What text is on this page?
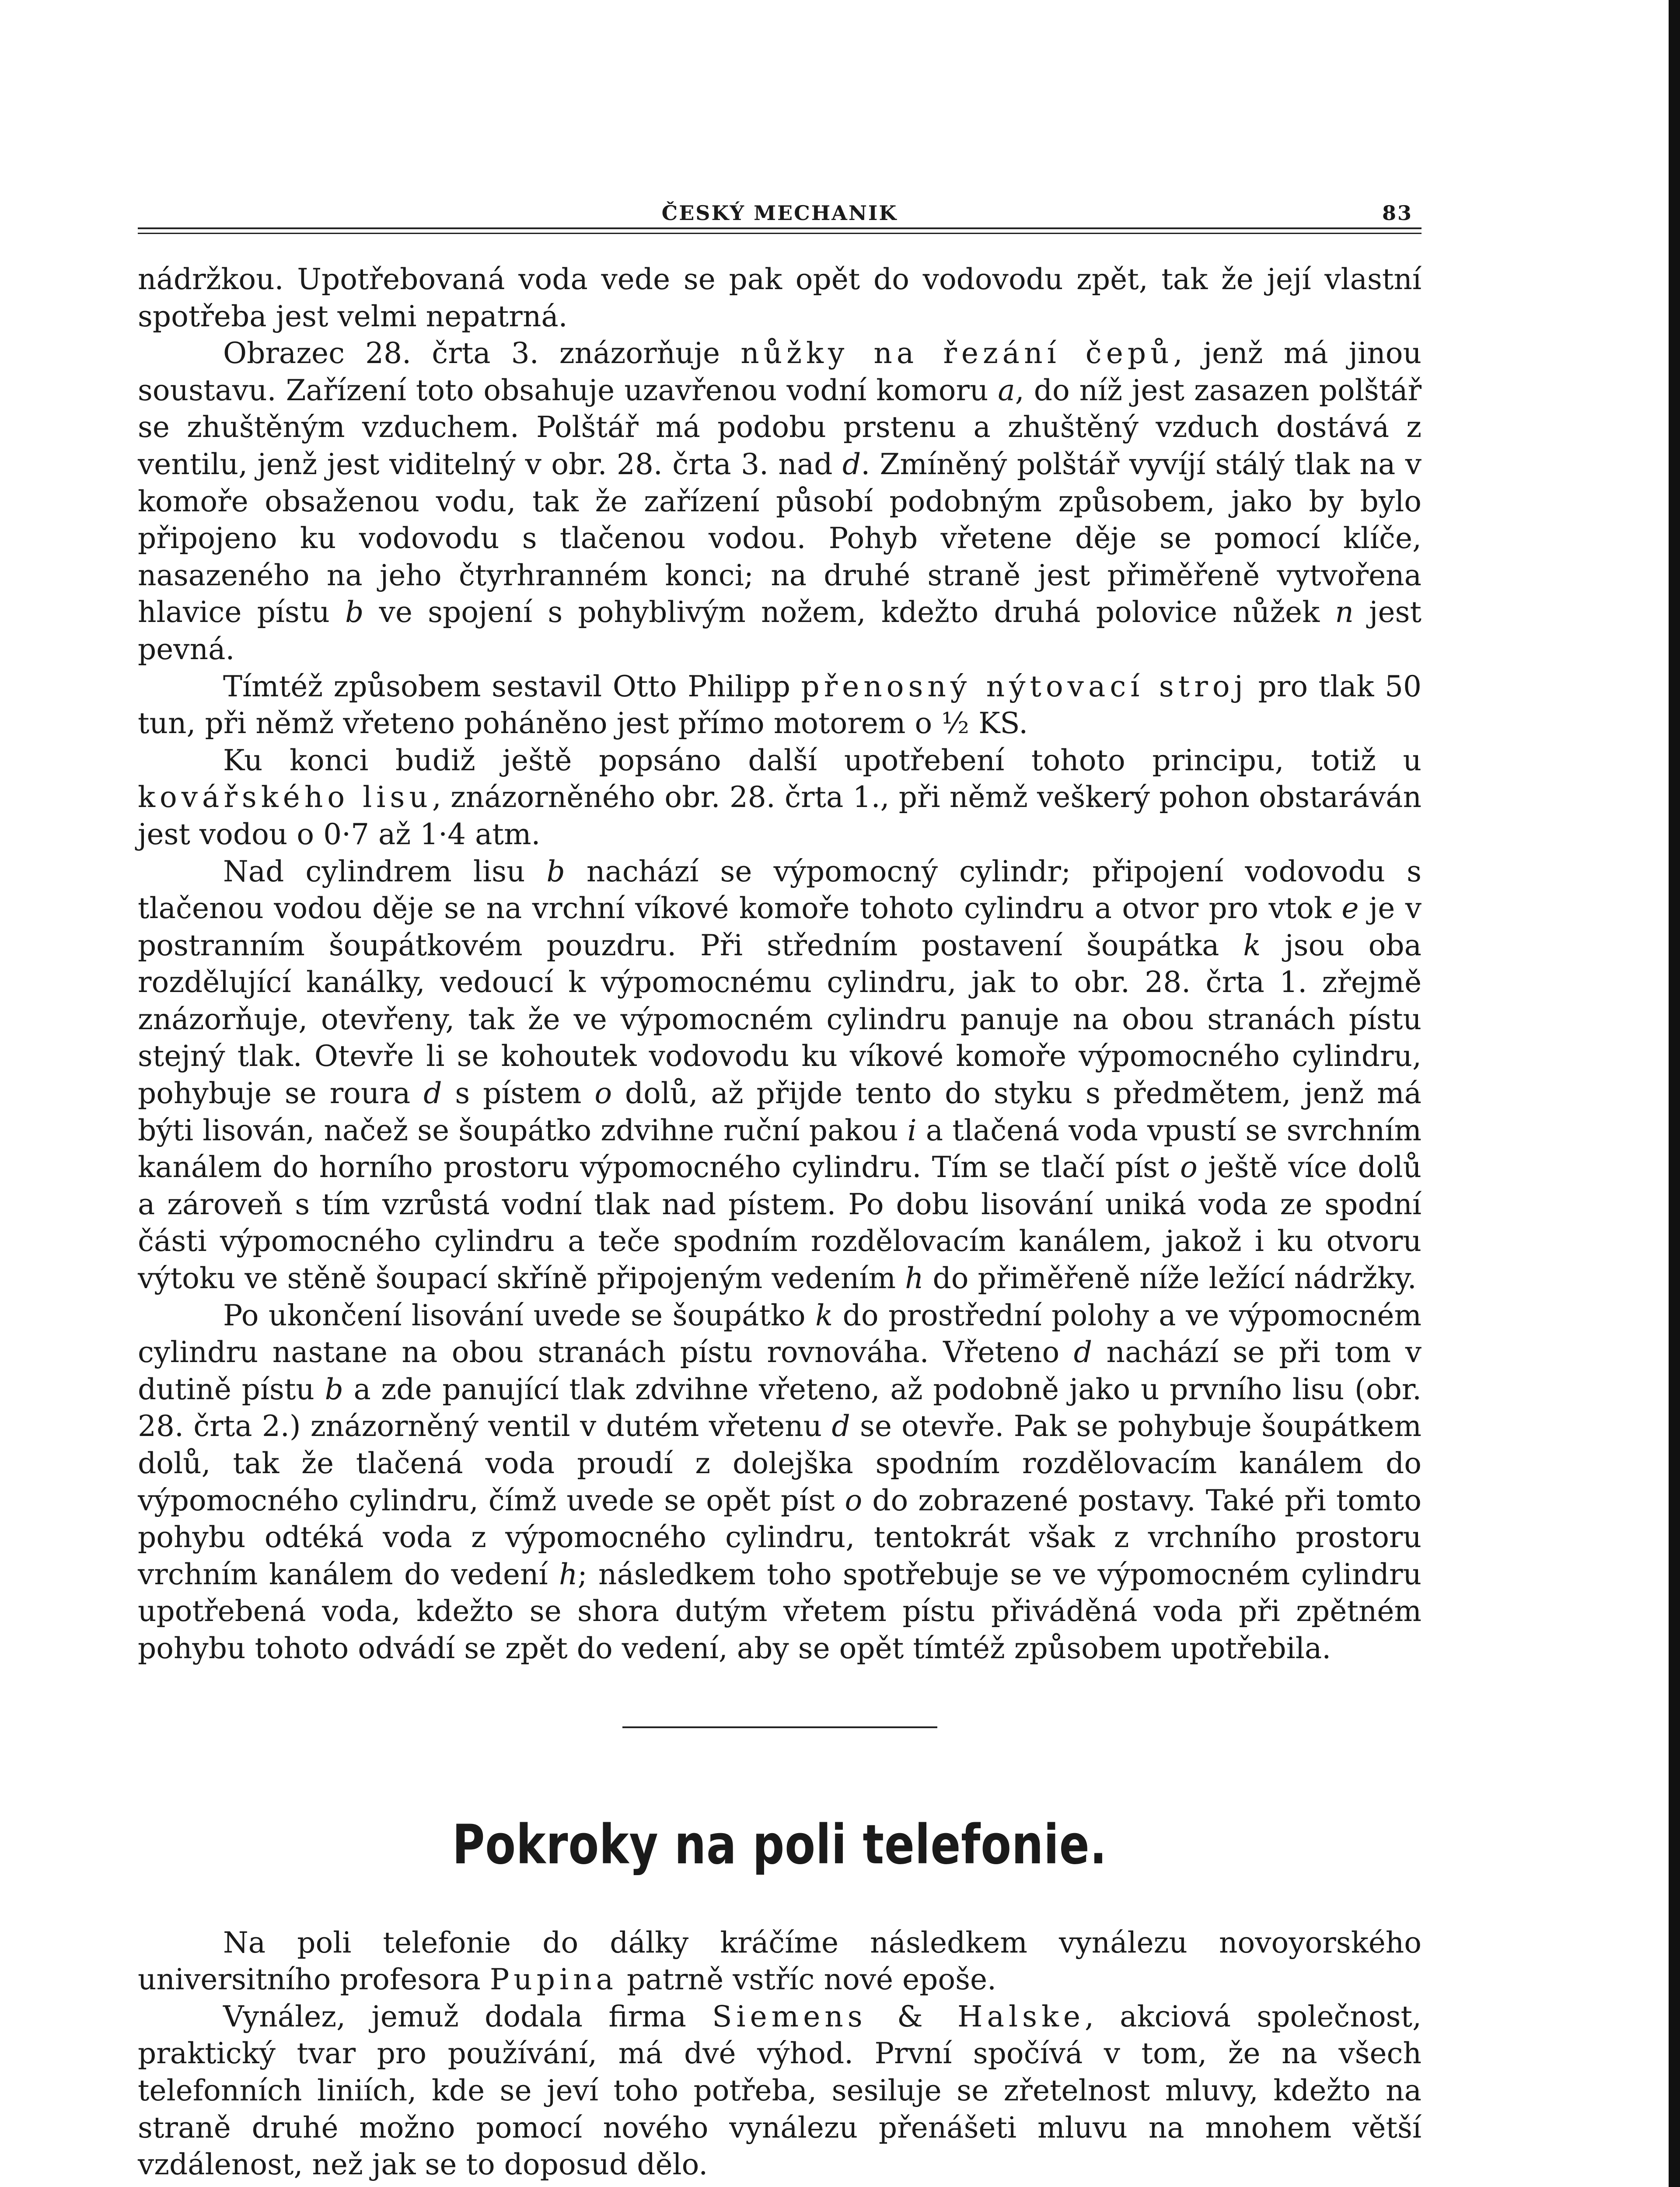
ČESKÝ MECHANIK	83

nádržkou. Upotřebovaná voda vede se pak opět do vodovodu zpět, tak že její vlastní spotřeba jest velmi nepatrná.

Obrazec 28. črta 3. znázorňuje nůžky na řezání čepů, jenž má jinou soustavu. Zařízení toto obsahuje uzavřenou vodní komoru a, do níž jest zasazen polštář se zhuštěným vzduchem. Polštář má podobu prstenu a zhuštěný vzduch dostává z ventilu, jenž jest viditelný v obr. 28. črta 3. nad d. Zmíněný polštář vyvíjí stálý tlak na v komoře obsaženou vodu, tak že zařízení působí podobným způsobem, jako by bylo připojeno ku vodovodu s tlačenou vodou. Pohyb vřetene děje se pomocí klíče, nasazeného na jeho čtyrhranném konci; na druhé straně jest přiměřeně vytvořena hlavice pístu b ve spojení s pohyblivým nožem, kdežto druhá polovice nůžek n jest pevná.

Tímtéž způsobem sestavil Otto Philipp přenosný nýtovací stroj pro tlak 50 tun, při němž vřeteno poháněno jest přímo motorem o ½ KS.

Ku konci budiž ještě popsáno další upotřebení tohoto principu, totiž u kovářského lisu, znázorněného obr. 28. črta 1., při němž veškerý pohon obstaráván jest vodou o 0·7 až 1·4 atm.

Nad cylindrem lisu b nachází se výpomocný cylindr; připojení vodovodu s tlačenou vodou děje se na vrchní víkové komoře tohoto cylindru a otvor pro vtok e je v postranním šoupátkovém pouzdru. Při středním postavení šoupátka k jsou oba rozdělující kanálky, vedoucí k výpomocnému cylindru, jak to obr. 28. črta 1. zřejmě znázorňuje, otevřeny, tak že ve výpomocném cylindru panuje na obou stranách pístu stejný tlak. Otevře li se kohoutek vodovodu ku víkové komoře výpomocného cylindru, pohybuje se roura d s pístem o dolů, až přijde tento do styku s předmětem, jenž má býti lisován, načež se šoupátko zdvihne ruční pakou i a tlačená voda vpustí se svrchním kanálem do horního prostoru výpomocného cylindru. Tím se tlačí píst o ještě více dolů a zároveň s tím vzrůstá vodní tlak nad pístem. Po dobu lisování uniká voda ze spodní části výpomocného cylindru a teče spodním rozdělovacím kanálem, jakož i ku otvoru výtoku ve stěně šoupací skříně připojeným vedením h do přiměřeně níže ležící nádržky.

Po ukončení lisování uvede se šoupátko k do prostřední polohy a ve výpomocném cylindru nastane na obou stranách pístu rovnováha. Vřeteno d nachází se při tom v dutině pístu b a zde panující tlak zdvihne vřeteno, až podobně jako u prvního lisu (obr. 28. črta 2.) znázorněný ventil v dutém vřetenu d se otevře. Pak se pohybuje šoupátkem dolů, tak že tlačená voda proudí z dolejška spodním rozdělovacím kanálem do výpomocného cylindru, čímž uvede se opět píst o do zobrazené postavy. Také při tomto pohybu odtéká voda z výpomocného cylindru, tentokrát však z vrchního prostoru vrchním kanálem do vedení h; následkem toho spotřebuje se ve výpomocném cylindru upotřebená voda, kdežto se shora dutým vřetem pístu přiváděná voda při zpětném pohybu tohoto odvádí se zpět do vedení, aby se opět tímtéž způsobem upotřebila.

Pokroky na poli telefonie.

Na poli telefonie do dálky kráčíme následkem vynálezu novoyorského universitního profesora Pupina patrně vstříc nové epoše.

Vynález, jemuž dodala firma Siemens & Halske, akciová společnost, praktický tvar pro používání, má dvé výhod. První spočívá v tom, že na všech telefonních liniích, kde se jeví toho potřeba, sesiluje se zřetelnost mluvy, kdežto na straně druhé možno pomocí nového vynálezu přenášeti mluvu na mnohem větší vzdálenost, než jak se to doposud dělo.
